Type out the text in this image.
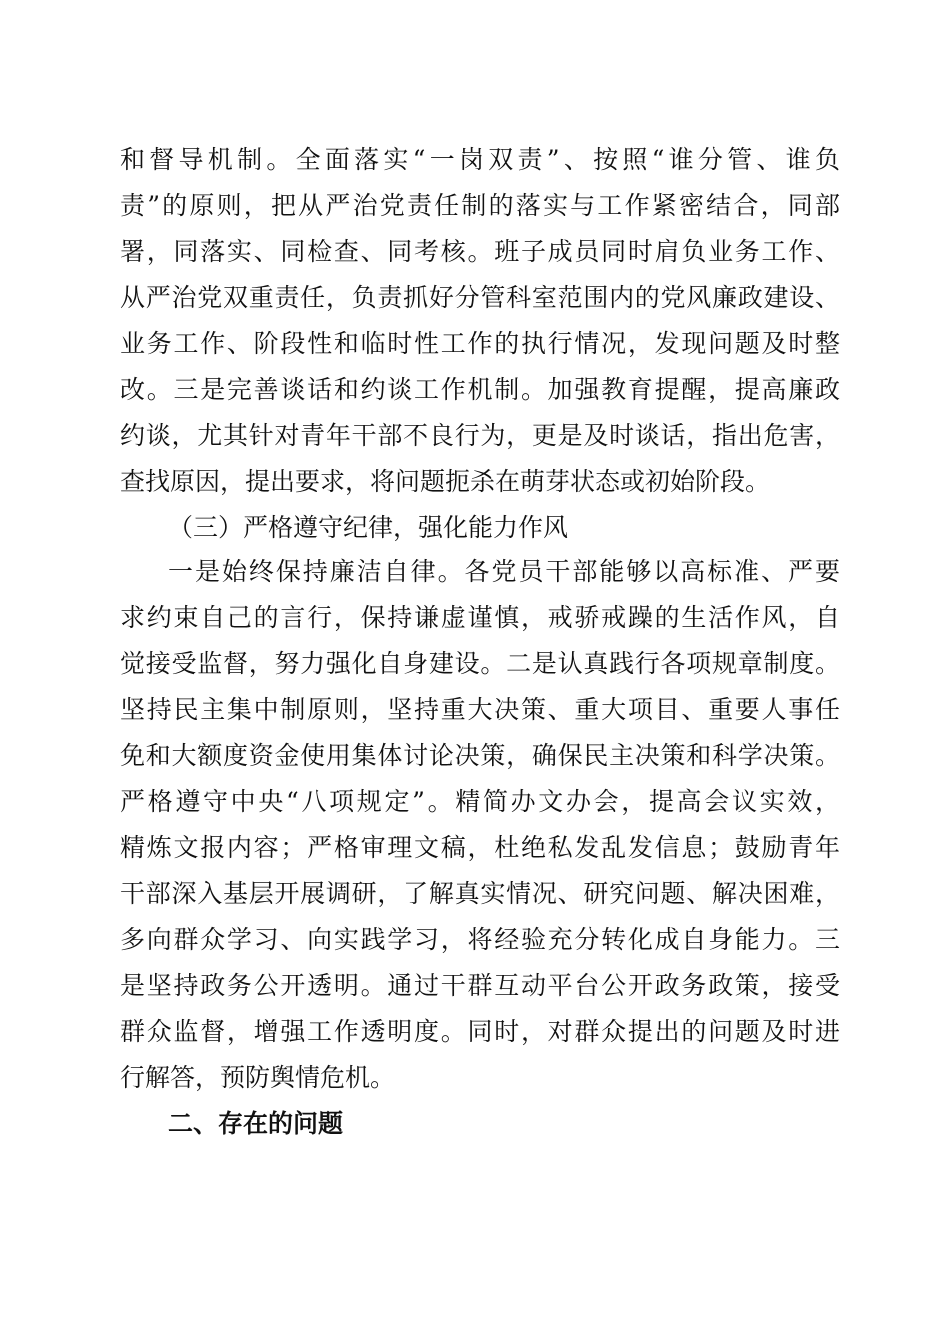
和督导机制。全面落实“一岗双责”、按照“谁分管、谁负
责”的原则，把从严治党责任制的落实与工作紧密结合，同部
署，同落实、同检查、同考核。班子成员同时肩负业务工作、
从严治党双重责任，负责抓好分管科室范围内的党风廉政建设、
业务工作、阶段性和临时性工作的执行情况，发现问题及时整
改。三是完善谈话和约谈工作机制。加强教育提醒，提高廉政
约谈，尤其针对青年干部不良行为，更是及时谈话，指出危害，
查找原因，提出要求，将问题扼杀在萌芽状态或初始阶段。
（三）严格遵守纪律，强化能力作风
一是始终保持廉洁自律。各党员干部能够以高标准、严要
求约束自己的言行，保持谦虚谨慎，戒骄戒躁的生活作风，自
觉接受监督，努力强化自身建设。二是认真践行各项规章制度。
坚持民主集中制原则，坚持重大决策、重大项目、重要人事任
免和大额度资金使用集体讨论决策，确保民主决策和科学决策。
严格遵守中央“八项规定”。精简办文办会，提高会议实效，
精炼文报内容；严格审理文稿，杜绝私发乱发信息；鼓励青年
干部深入基层开展调研，了解真实情况、研究问题、解决困难，
多向群众学习、向实践学习，将经验充分转化成自身能力。三
是坚持政务公开透明。通过干群互动平台公开政务政策，接受
群众监督，增强工作透明度。同时，对群众提出的问题及时进
行解答，预防舆情危机。
二、存在的问题
